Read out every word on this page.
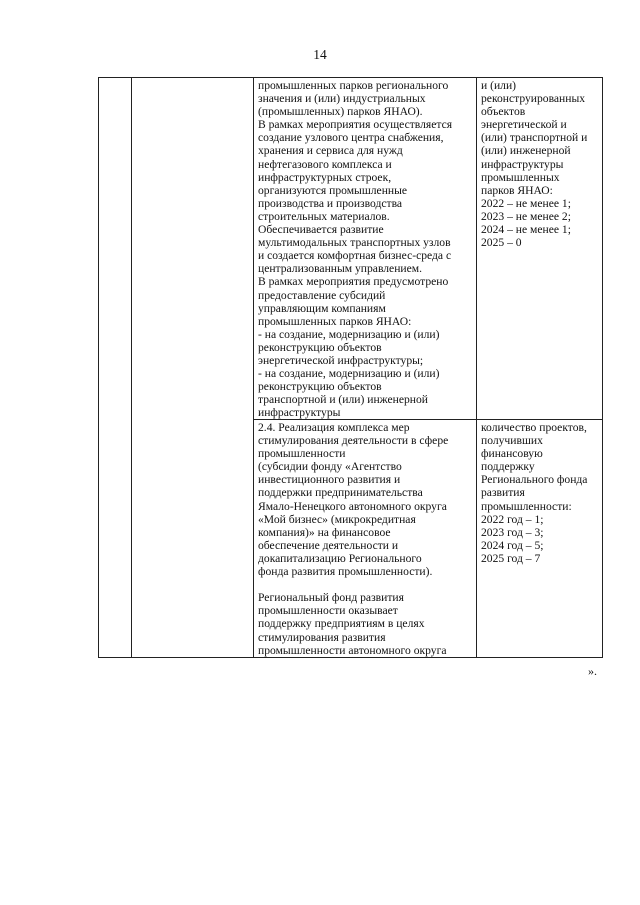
14
промышленных парков регионального
значения и (или) индустриальных
(промышленных) парков ЯНАО).
В рамках мероприятия осуществляется
создание узлового центра снабжения,
хранения и сервиса для нужд
нефтегазового комплекса и
инфраструктурных строек,
организуются промышленные
производства и производства
строительных материалов.
Обеспечивается развитие
мультимодальных транспортных узлов
и создается комфортная бизнес-среда с
централизованным управлением.
В рамках мероприятия предусмотрено
предоставление субсидий
управляющим компаниям
промышленных парков ЯНАО:
- на создание, модернизацию и (или)
реконструкцию объектов
энергетической инфраструктуры;
- на создание, модернизацию и (или)
реконструкцию объектов
транспортной и (или) инженерной
инфраструктуры
и (или)
реконструированных
объектов
энергетической и
(или) транспортной и
(или) инженерной
инфраструктуры
промышленных
парков ЯНАО:
2022 – не менее 1;
2023 – не менее 2;
2024 – не менее 1;
2025 – 0
2.4. Реализация комплекса мер
стимулирования деятельности в сфере
промышленности
(субсидии фонду «Агентство
инвестиционного развития и
поддержки предпринимательства
Ямало-Ненецкого автономного округа
«Мой бизнес» (микрокредитная
компания)» на финансовое
обеспечение деятельности и
докапитализацию Регионального
фонда развития промышленности).

Региональный фонд развития
промышленности оказывает
поддержку предприятиям в целях
стимулирования развития
промышленности автономного округа
количество проектов,
получивших
финансовую
поддержку
Регионального фонда
развития
промышленности:
2022 год – 1;
2023 год – 3;
2024 год – 5;
2025 год – 7
».
